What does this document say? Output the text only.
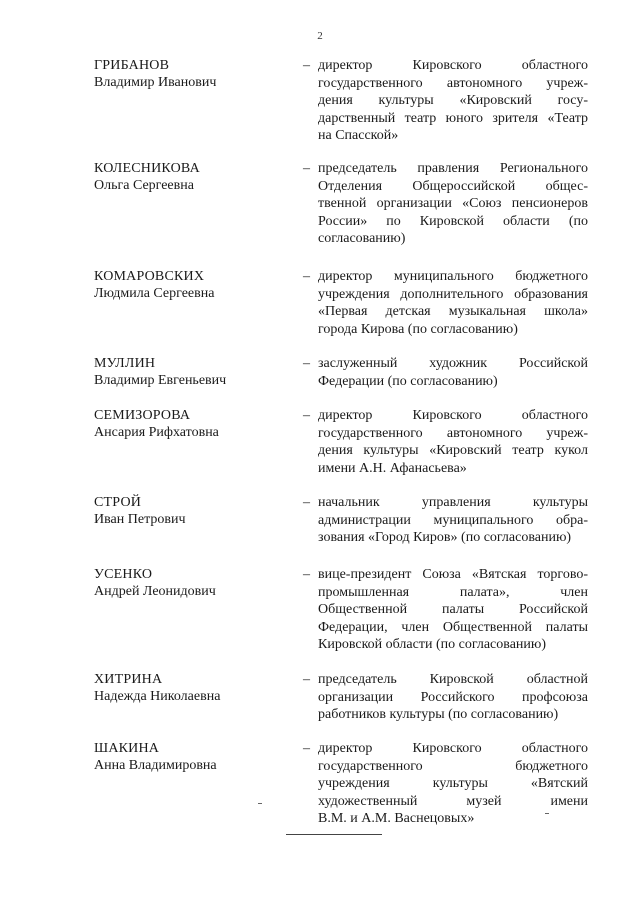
2
ГРИБАНОВ
Владимир Иванович
– директор Кировского областного
государственного автономного учреж-
дения культуры «Кировский госу-
дарственный театр юного зрителя «Театр
на Спасской»
КОЛЕСНИКОВА
Ольга Сергеевна
– председатель правления Регионального
Отделения Общероссийской общес-
твенной организации «Союз пенсионеров
России» по Кировской области (по
согласованию)
КОМАРОВСКИХ
Людмила Сергеевна
– директор муниципального бюджетного
учреждения дополнительного образования
«Первая детская музыкальная школа»
города Кирова (по согласованию)
МУЛЛИН
Владимир Евгеньевич
– заслуженный художник Российской
Федерации (по согласованию)
СЕМИЗОРОВА
Ансария Рифхатовна
– директор Кировского областного
государственного автономного учреж-
дения культуры «Кировский театр кукол
имени А.Н. Афанасьева»
СТРОЙ
Иван Петрович
– начальник управления культуры
администрации муниципального обра-
зования «Город Киров» (по согласованию)
УСЕНКО
Андрей Леонидович
– вице-президент Союза «Вятская торгово-
промышленная палата», член
Общественной палаты Российской
Федерации, член Общественной палаты
Кировской области (по согласованию)
ХИТРИНА
Надежда Николаевна
– председатель Кировской областной
организации Российского профсоюза
работников культуры (по согласованию)
ШАКИНА
Анна Владимировна
– директор Кировского областного
государственного бюджетного
учреждения культуры «Вятский
художественный музей имени
В.М. и А.М. Васнецовых»
